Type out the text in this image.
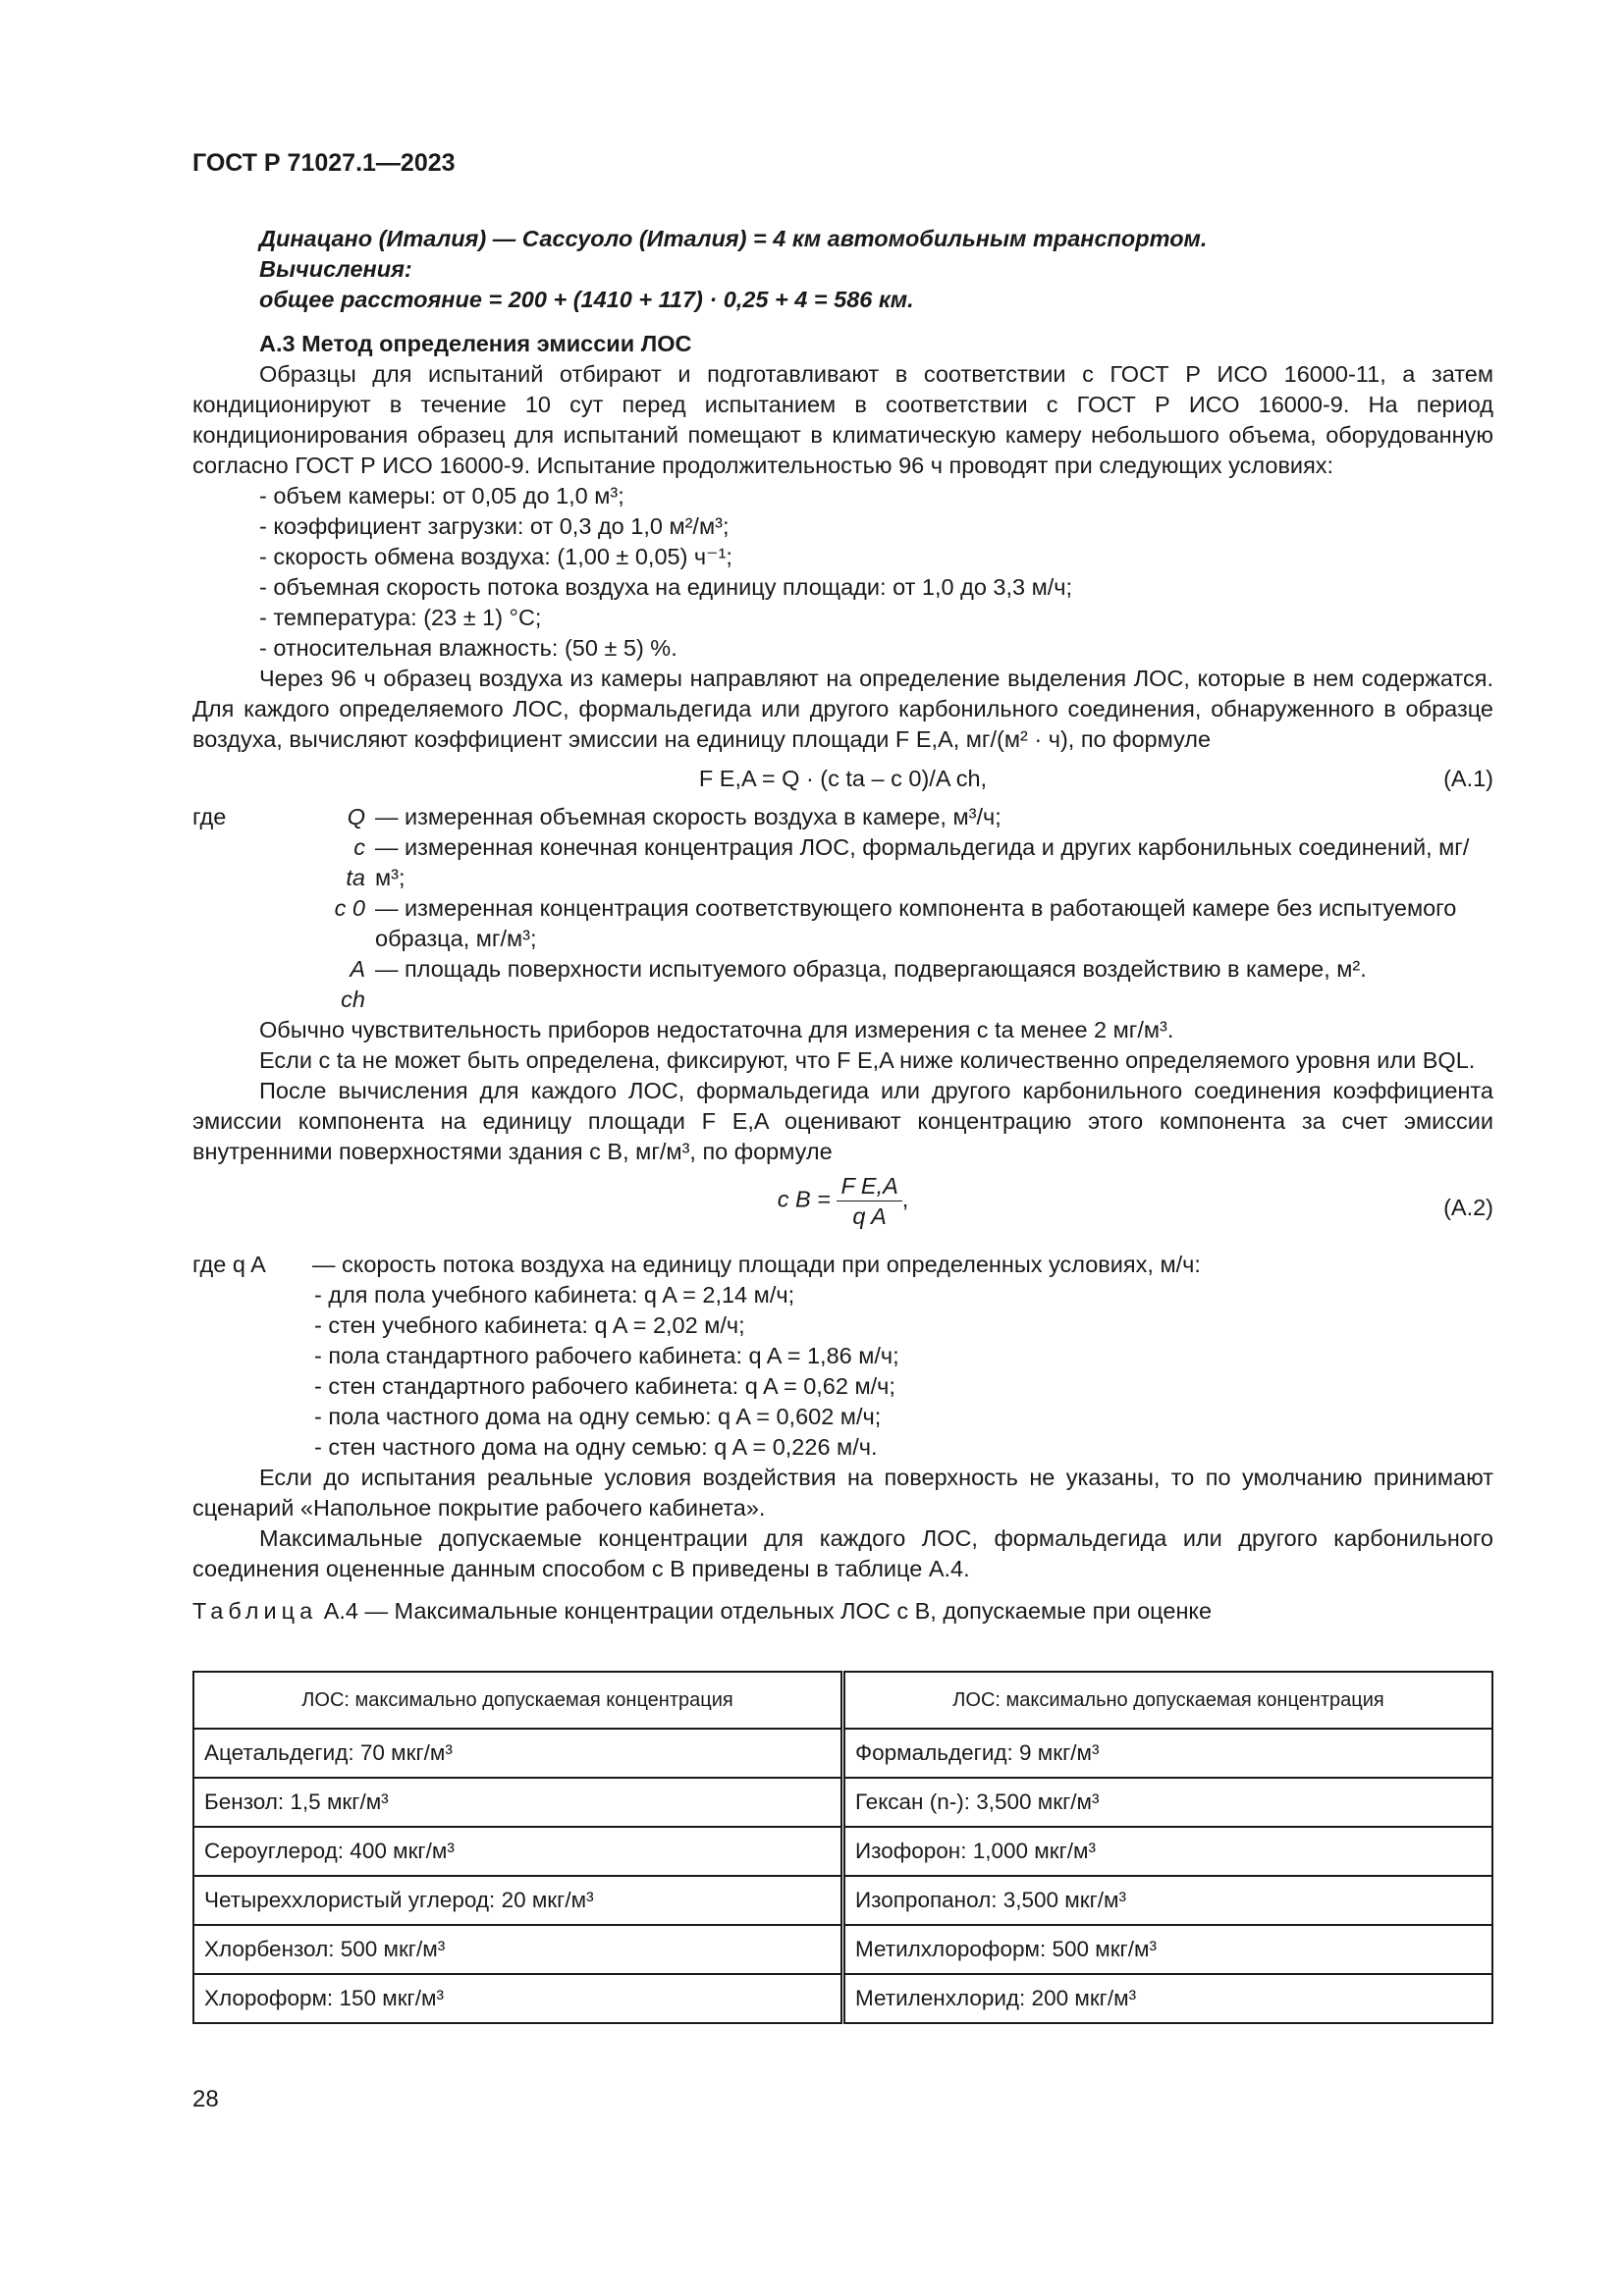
ГОСТ Р 71027.1—2023
Динацано (Италия) — Сассуоло (Италия) = 4 км автомобильным транспортом.
Вычисления:
общее расстояние = 200 + (1410 + 117) · 0,25 + 4 = 586 км.
А.3 Метод определения эмиссии ЛОС

Образцы для испытаний отбирают и подготавливают в соответствии с ГОСТ Р ИСО 16000-11, а затем кондиционируют в течение 10 сут перед испытанием в соответствии с ГОСТ Р ИСО 16000-9. На период кондиционирования образец для испытаний помещают в климатическую камеру небольшого объема, оборудованную согласно ГОСТ Р ИСО 16000-9. Испытание продолжительностью 96 ч проводят при следующих условиях:

- объем камеры: от 0,05 до 1,0 м³;
- коэффициент загрузки: от 0,3 до 1,0 м²/м³;
- скорость обмена воздуха: (1,00 ± 0,05) ч⁻¹;
- объемная скорость потока воздуха на единицу площади: от 1,0 до 3,3 м/ч;
- температура: (23 ± 1) °С;
- относительная влажность: (50 ± 5) %.

Через 96 ч образец воздуха из камеры направляют на определение выделения ЛОС, которые в нем содержатся. Для каждого определяемого ЛОС, формальдегида или другого карбонильного соединения, обнаруженного в образце воздуха, вычисляют коэффициент эмиссии на единицу площади F E,A, мг/(м² · ч), по формуле

F E,A = Q · (c ta – c 0)/A ch,	(А.1)
где	Q — измеренная объемная скорость воздуха в камере, м³/ч;
c ta
— измеренная конечная концентрация ЛОС, формальдегида и других карбонильных соединений, мг/м³;
c 0 — измеренная концентрация соответствующего компонента в работающей камере без испытуемого образца, мг/м³;
A ch
— площадь поверхности испытуемого образца, подвергающаяся воздействию в камере, м².

Обычно чувствительность приборов недостаточна для измерения c ta менее 2 мг/м³.

Если c ta не может быть определена, фиксируют, что F E,A ниже количественно определяемого уровня или BQL.

После вычисления для каждого ЛОС, формальдегида или другого карбонильного соединения коэффициента эмиссии компонента на единицу площади F E,A оценивают концентрацию этого компонента за счет эмиссии внутренними поверхностями здания c B, мг/м³, по формуле

c $B = \frac{\text{F E,A}}{\text{q A}}$ ,	(А.2)
где q A	— скорость потока воздуха на единицу площади при определенных условиях, м/ч:
- для пола учебного кабинета: q A = 2,14 м/ч;
- стен учебного кабинета: q A = 2,02 м/ч;
- пола стандартного рабочего кабинета: q A = 1,86 м/ч;
- стен стандартного рабочего кабинета: q A = 0,62 м/ч;
- пола частного дома на одну семью: q A = 0,602 м/ч;
- стен частного дома на одну семью: q A = 0,226 м/ч.

Если до испытания реальные условия воздействия на поверхность не указаны, то по умолчанию принимают сценарий «Напольное покрытие рабочего кабинета».

Максимальные допускаемые концентрации для каждого ЛОС, формальдегида или другого карбонильного соединения оцененные данным способом c B приведены в таблице А.4.

Таблица А.4 — Максимальные концентрации отдельных ЛОС c B, допускаемые при оценке
ЛОС: максимально допускаемая концентрация	ЛОС: максимально допускаемая концентрация
Ацетальдегид: 70 мкг/м³	Формальдегид: 9 мкг/м³
Бензол: 1,5 мкг/м³	Гексан (n-): 3,500 мкг/м³
Сероуглерод: 400 мкг/м³	Изофорон: 1,000 мкг/м³
Четыреххлористый углерод: 20 мкг/м³	Изопропанол: 3,500 мкг/м³
Хлорбензол: 500 мкг/м³	Метилхлороформ: 500 мкг/м³
Хлороформ: 150 мкг/м³	Метиленхлорид: 200 мкг/м³
28
